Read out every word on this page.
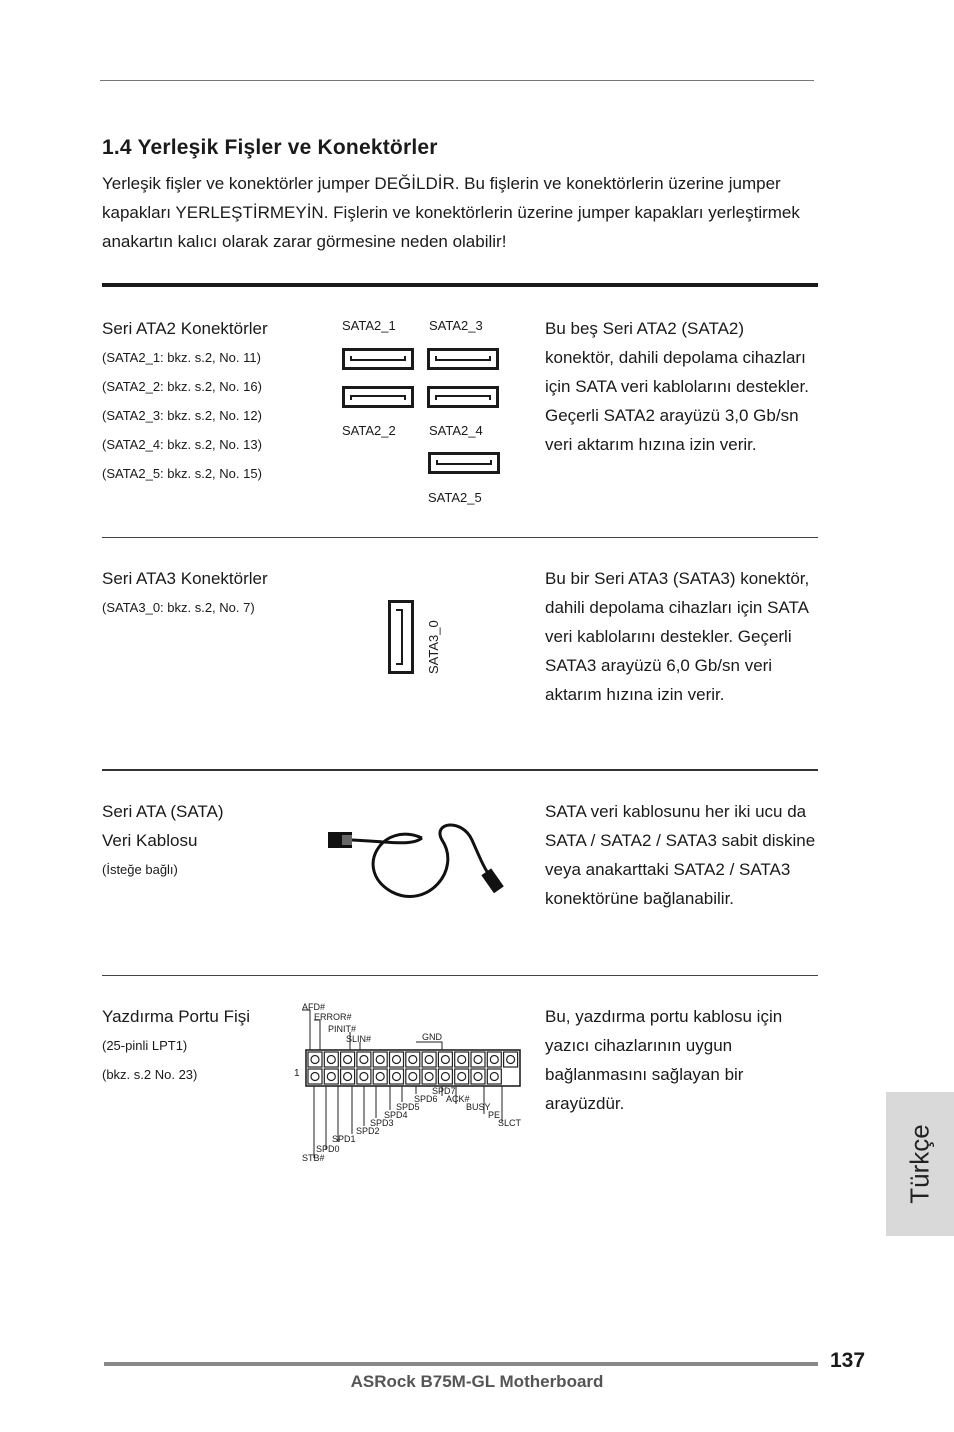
1.4 Yerleşik Fişler ve Konektörler
Yerleşik fişler ve konektörler jumper DEĞİLDİR. Bu fişlerin ve konektörlerin üzerine jumper kapakları YERLEŞTİRMEYİN. Fişlerin ve konektörlerin üzerine jumper kapakları yerleştirmek anakartın kalıcı olarak zarar görmesine neden olabilir!
Seri ATA2 Konektörler
(SATA2_1: bkz. s.2, No. 11)
(SATA2_2: bkz. s.2, No. 16)
(SATA2_3: bkz. s.2, No. 12)
(SATA2_4: bkz. s.2, No. 13)
(SATA2_5: bkz. s.2, No. 15)
SATA2_1	SATA2_3
SATA2_2	SATA2_4
SATA2_5
Bu beş Seri ATA2 (SATA2) konektör, dahili depolama cihazları için SATA veri kablolarını destekler. Geçerli SATA2 arayüzü 3,0 Gb/sn veri aktarım hızına izin verir.
Seri ATA3 Konektörler
(SATA3_0: bkz. s.2, No. 7)
SATA3_0
Bu bir Seri ATA3 (SATA3) konektör, dahili depolama cihazları için SATA veri kablolarını destekler. Geçerli SATA3 arayüzü 6,0 Gb/sn veri aktarım hızına izin verir.
Seri ATA (SATA)
Veri Kablosu
(İsteğe bağlı)
SATA veri kablosunu her iki ucu da SATA / SATA2 / SATA3 sabit diskine veya anakarttaki SATA2 / SATA3 konektörüne bağlanabilir.
Yazdırma Portu Fişi
(25-pinli LPT1)
(bkz. s.2 No. 23)	1
AFD#
ERROR#
PINIT#
SLIN#	GND
SPD7
SPD6 ACK#
SPD5	BUSY
SPD4	PE
SPD3	SLCT
SPD2
SPD1
SPD0
STB#
Bu, yazdırma portu kablosu için yazıcı cihazlarının uygun bağlanmasını sağlayan bir arayüzdür.
Türkçe
137
ASRock B75M-GL Motherboard
